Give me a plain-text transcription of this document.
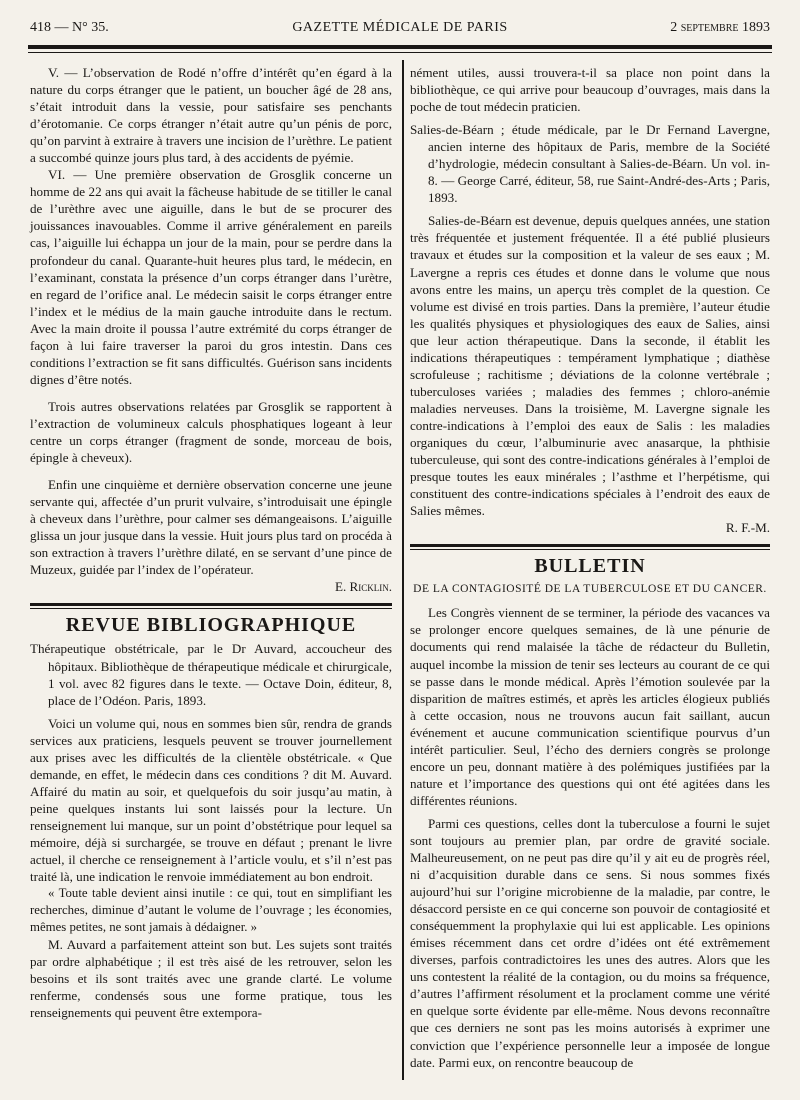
418 — N° 35.	GAZETTE MÉDICALE DE PARIS	2 septembre 1893

V. — L’observation de Rodé n’offre d’intérêt qu’en égard à la nature du corps étranger que le patient, un boucher âgé de 28 ans, s’était introduit dans la vessie, pour satisfaire ses penchants d’érotomanie. Ce corps étranger n’était autre qu’un pénis de porc, qu’on parvint à extraire à travers une incision de l’urèthre. Le patient a succombé quinze jours plus tard, à des accidents de pyémie.

VI. — Une première observation de Grosglik concerne un homme de 22 ans qui avait la fâcheuse habitude de se titiller le canal de l’urèthre avec une aiguille, dans le but de se procurer des jouissances inavouables. Comme il arrive généralement en pareils cas, l’aiguille lui échappa un jour de la main, pour se perdre dans la profondeur du canal. Quarante-huit heures plus tard, le médecin, en l’examinant, constata la présence d’un corps étranger dans l’urètre, en regard de l’orifice anal. Le médecin saisit le corps étranger entre l’index et le médius de la main gauche introduite dans le rectum. Avec la main droite il poussa l’autre extrémité du corps étranger de façon à lui faire traverser la paroi du gros intestin. Dans ces conditions l’extraction se fit sans difficultés. Guérison sans incidents dignes d’être notés.

Trois autres observations relatées par Grosglik se rapportent à l’extraction de volumineux calculs phosphatiques logeant à leur centre un corps étranger (fragment de sonde, morceau de bois, épingle à cheveux).

Enfin une cinquième et dernière observation concerne une jeune servante qui, affectée d’un prurit vulvaire, s’introduisait une épingle à cheveux dans l’urèthre, pour calmer ses démangeaisons. L’aiguille glissa un jour jusque dans la vessie. Huit jours plus tard on procéda à son extraction à travers l’urèthre dilaté, en se servant d’une pince de Muzeux, guidée par l’index de l’opérateur.

E. Ricklin.
REVUE BIBLIOGRAPHIQUE

Thérapeutique obstétricale, par le Dr Auvard, accoucheur des hôpitaux. Bibliothèque de thérapeutique médicale et chirurgicale, 1 vol. avec 82 figures dans le texte. — Octave Doin, éditeur, 8, place de l’Odéon. Paris, 1893.

Voici un volume qui, nous en sommes bien sûr, rendra de grands services aux praticiens, lesquels peuvent se trouver journellement aux prises avec les difficultés de la clientèle obstétricale. « Que demande, en effet, le médecin dans ces conditions ? dit M. Auvard. Affairé du matin au soir, et quelquefois du soir jusqu’au matin, à peine quelques instants lui sont laissés pour la lecture. Un renseignement lui manque, sur un point d’obstétrique pour lequel sa mémoire, déjà si surchargée, se trouve en défaut ; prenant le livre actuel, il cherche ce renseignement à l’article voulu, et s’il n’est pas traité là, une indication le renvoie immédiatement au bon endroit.

« Toute table devient ainsi inutile : ce qui, tout en simplifiant les recherches, diminue d’autant le volume de l’ouvrage ; les économies, mêmes petites, ne sont jamais à dédaigner. »

M. Auvard a parfaitement atteint son but. Les sujets sont traités par ordre alphabétique ; il est très aisé de les retrouver, selon les besoins et ils sont traités avec une grande clarté. Le volume renferme, condensés sous une forme pratique, tous les renseignements qui peuvent être extempora-

nément utiles, aussi trouvera-t-il sa place non point dans la bibliothèque, ce qui arrive pour beaucoup d’ouvrages, mais dans la poche de tout médecin praticien.

Salies-de-Béarn ; étude médicale, par le Dr Fernand Lavergne, ancien interne des hôpitaux de Paris, membre de la Société d’hydrologie, médecin consultant à Salies-de-Béarn. Un vol. in-8. — George Carré, éditeur, 58, rue Saint-André-des-Arts ; Paris, 1893.

Salies-de-Béarn est devenue, depuis quelques années, une station très fréquentée et justement fréquentée. Il a été publié plusieurs travaux et études sur la composition et la valeur de ses eaux ; M. Lavergne a repris ces études et donne dans le volume que nous avons entre les mains, un aperçu très complet de la question. Ce volume est divisé en trois parties. Dans la première, l’auteur étudie les qualités physiques et physiologiques des eaux de Salies, ainsi que leur action thérapeutique. Dans la seconde, il établit les indications thérapeutiques : tempérament lymphatique ; diathèse scrofuleuse ; rachitisme ; déviations de la colonne vertébrale ; tuberculoses variées ; maladies des femmes ; chloro-anémie maladies nerveuses. Dans la troisième, M. Lavergne signale les contre-indications à l’emploi des eaux de Salis : les maladies organiques du cœur, l’albuminurie avec anasarque, la phthisie tuberculeuse, qui sont des contre-indications générales à l’emploi de presque toutes les eaux minérales ; l’asthme et l’herpétisme, qui constituent des contre-indications spéciales à l’endroit des eaux de Salies mêmes.

R. F.-M.
BULLETIN
DE LA CONTAGIOSITÉ DE LA TUBERCULOSE ET DU CANCER.

Les Congrès viennent de se terminer, la période des vacances va se prolonger encore quelques semaines, de là une pénurie de documents qui rend malaisée la tâche de rédacteur du Bulletin, auquel incombe la mission de tenir ses lecteurs au courant de ce qui se passe dans le monde médical. Après l’émotion soulevée par la disparition de maîtres estimés, et après les articles élogieux publiés à cette occasion, nous ne trouvons aucun fait saillant, aucun événement et aucune communication scientifique pourvus d’un intérêt particulier. Seul, l’écho des derniers congrès se prolonge encore un peu, donnant matière à des polémiques justifiées par la nature et l’importance des questions qui ont été agitées dans les différentes réunions.

Parmi ces questions, celles dont la tuberculose a fourni le sujet sont toujours au premier plan, par ordre de gravité sociale. Malheureusement, on ne peut pas dire qu’il y ait eu de progrès réel, ni d’acquisition durable dans ce sens. Si nous sommes fixés aujourd’hui sur l’origine microbienne de la maladie, par contre, le désaccord persiste en ce qui concerne son pouvoir de contagiosité et conséquemment la prophylaxie qui lui est applicable. Les opinions émises récemment dans cet ordre d’idées ont été extrêmement diverses, parfois contradictoires les unes des autres. Alors que les uns contestent la réalité de la contagion, ou du moins sa fréquence, d’autres l’affirment résolument et la proclament comme une vérité en quelque sorte évidente par elle-même. Nous devons reconnaître que ces derniers ne sont pas les moins autorisés à exprimer une conviction que l’expérience personnelle leur a imposée de longue date. Parmi eux, on rencontre beaucoup de
